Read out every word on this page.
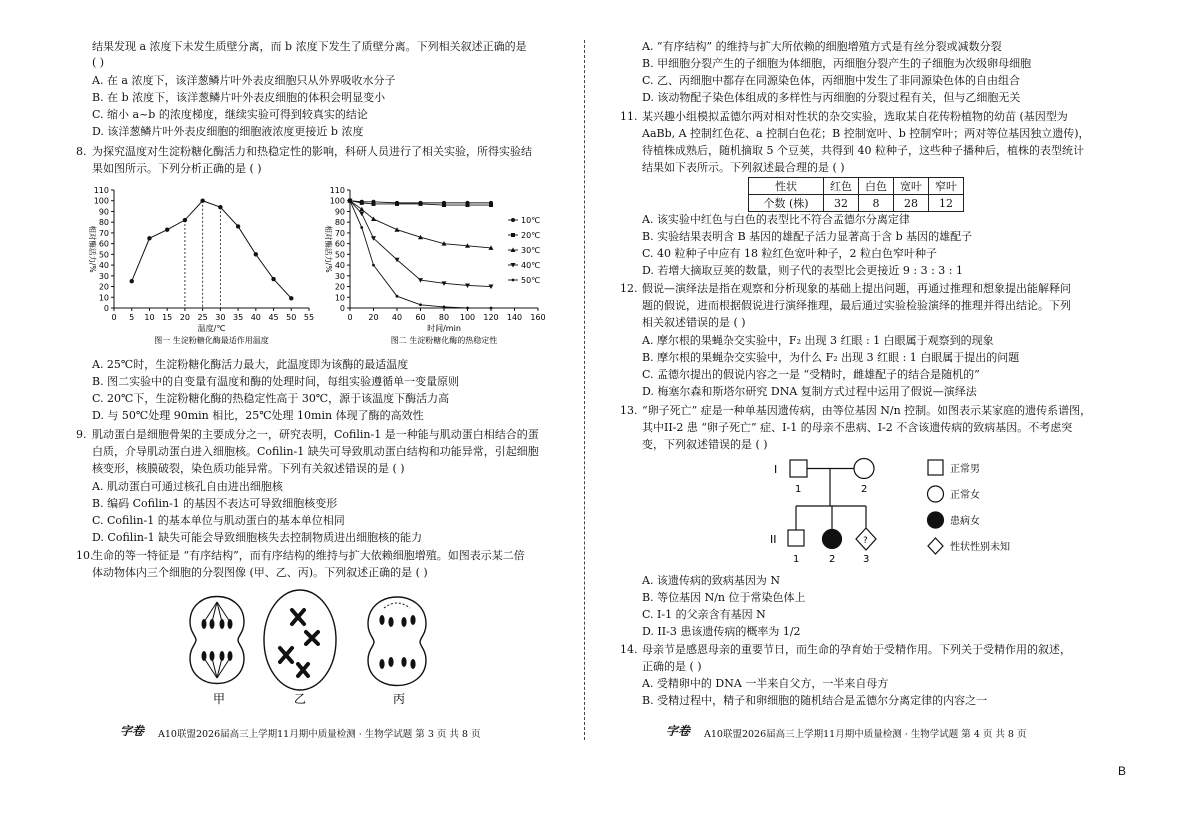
结果发现 a 浓度下未发生质壁分离，而 b 浓度下发生了质壁分离。下列相关叙述正确的是
( )
A. 在 a 浓度下，该洋葱鳞片叶外表皮细胞只从外界吸收水分子
B. 在 b 浓度下，该洋葱鳞片叶外表皮细胞的体积会明显变小
C. 缩小 a~b 的浓度梯度，继续实验可得到较真实的结论
D. 该洋葱鳞片叶外表皮细胞的细胞液浓度更接近 b 浓度
8. 为探究温度对生淀粉糖化酶活力和热稳定性的影响，科研人员进行了相关实验，所得实验结
果如图所示。下列分析正确的是 ( )
0
10
20
30
40
50
60
70
80
90
100
110
0 5 10 15 20 25 30 35 40 45 50 55
温度/℃
相对酶活力/%
图一 生淀粉糖化酶最适作用温度
0
10
20
30
40
50
60
70
80
90
100
110
0 20 40 60 80 100 120 140 160
时间/min
相对酶活力/%
图二 生淀粉糖化酶的热稳定性
10℃
20℃
30℃
40℃
50℃
A. 25℃时，生淀粉糖化酶活力最大，此温度即为该酶的最适温度
B. 图二实验中的自变量有温度和酶的处理时间，每组实验遵循单一变量原则
C. 20℃下，生淀粉糖化酶的热稳定性高于 30℃，源于该温度下酶活力高
D. 与 50℃处理 90min 相比，25℃处理 10min 体现了酶的高效性
9. 肌动蛋白是细胞骨架的主要成分之一，研究表明，Cofilin-1 是一种能与肌动蛋白相结合的蛋
白质，介导肌动蛋白进入细胞核。Cofilin-1 缺失可导致肌动蛋白结构和功能异常，引起细胞
核变形，核膜破裂，染色质功能异常。下列有关叙述错误的是 ( )
A. 肌动蛋白可通过核孔自由进出细胞核
B. 编码 Cofilin-1 的基因不表达可导致细胞核变形
C. Cofilin-1 的基本单位与肌动蛋白的基本单位相同
D. Cofilin-1 缺失可能会导致细胞核失去控制物质进出细胞核的能力
10.
生命的等一特征是 “有序结构”，而有序结构的维持与扩大依赖细胞增殖。如图表示某二倍
体动物体内三个细胞的分裂图像 (甲、乙、丙)。下列叙述正确的是 ( )
甲	乙	丙
字卷 A10联盟2026届高三上学期11月期中质量检测 · 生物学试题 第 3 页 共 8 页
A. “有序结构” 的维持与扩大所依赖的细胞增殖方式是有丝分裂或减数分裂
B. 甲细胞分裂产生的子细胞为体细胞，丙细胞分裂产生的子细胞为次级卵母细胞
C. 乙、丙细胞中都存在同源染色体，丙细胞中发生了非同源染色体的自由组合
D. 该动物配子染色体组成的多样性与丙细胞的分裂过程有关，但与乙细胞无关
11. 某兴趣小组模拟孟德尔两对相对性状的杂交实验，选取某自花传粉植物的幼苗 (基因型为
AaBb, A 控制红色花、a 控制白色花；B 控制宽叶、b 控制窄叶；两对等位基因独立遗传)，
待植株成熟后，随机摘取 5 个豆荚，共得到 40 粒种子，这些种子播种后，植株的表型统计
结果如下表所示。下列叙述最合理的是 ( )
性状	红色	白色	宽叶	窄叶
个数 (株)	32	8	28	12
A. 该实验中红色与白色的表型比不符合孟德尔分离定律
B. 实验结果表明含 B 基因的雄配子活力显著高于含 b 基因的雄配子
C. 40 粒种子中应有 18 粒红色宽叶种子，2 粒白色窄叶种子
D. 若增大摘取豆荚的数量，则子代的表型比会更接近 9 : 3 : 3 : 1
12. 假说—演绎法是指在观察和分析现象的基础上提出问题，再通过推理和想象提出能解释问
题的假说，进而根据假说进行演绎推理，最后通过实验检验演绎的推理并得出结论。下列
相关叙述错误的是 ( )
A. 摩尔根的果蝇杂交实验中，F₂ 出现 3 红眼 : 1 白眼属于观察到的现象
B. 摩尔根的果蝇杂交实验中，为什么 F₂ 出现 3 红眼 : 1 白眼属于提出的问题
C. 孟德尔提出的假说内容之一是 “受精时，雌雄配子的结合是随机的”
D. 梅塞尔森和斯塔尔研究 DNA 复制方式过程中运用了假说—演绎法
13. “卵子死亡” 症是一种单基因遗传病，由等位基因 N/n 控制。如图表示某家庭的遗传系谱图，
其中II-2 患 “卵子死亡” 症、I-1 的母亲不患病、I-2 不含该遗传病的致病基因。不考虑突
变，下列叙述错误的是 ( )
I
II
1	2
1	2	3
?
正常男
正常女
患病女
性状性别未知
A. 该遗传病的致病基因为 N
B. 等位基因 N/n 位于常染色体上
C. I-1 的父亲含有基因 N
D. II-3 患该遗传病的概率为 1/2
14. 母亲节是感恩母亲的重要节日，而生命的孕育始于受精作用。下列关于受精作用的叙述，
正确的是 ( )
A. 受精卵中的 DNA 一半来自父方，一半来自母方
B. 受精过程中，精子和卵细胞的随机结合是孟德尔分离定律的内容之一
字卷 A10联盟2026届高三上学期11月期中质量检测 · 生物学试题 第 4 页 共 8 页
B
